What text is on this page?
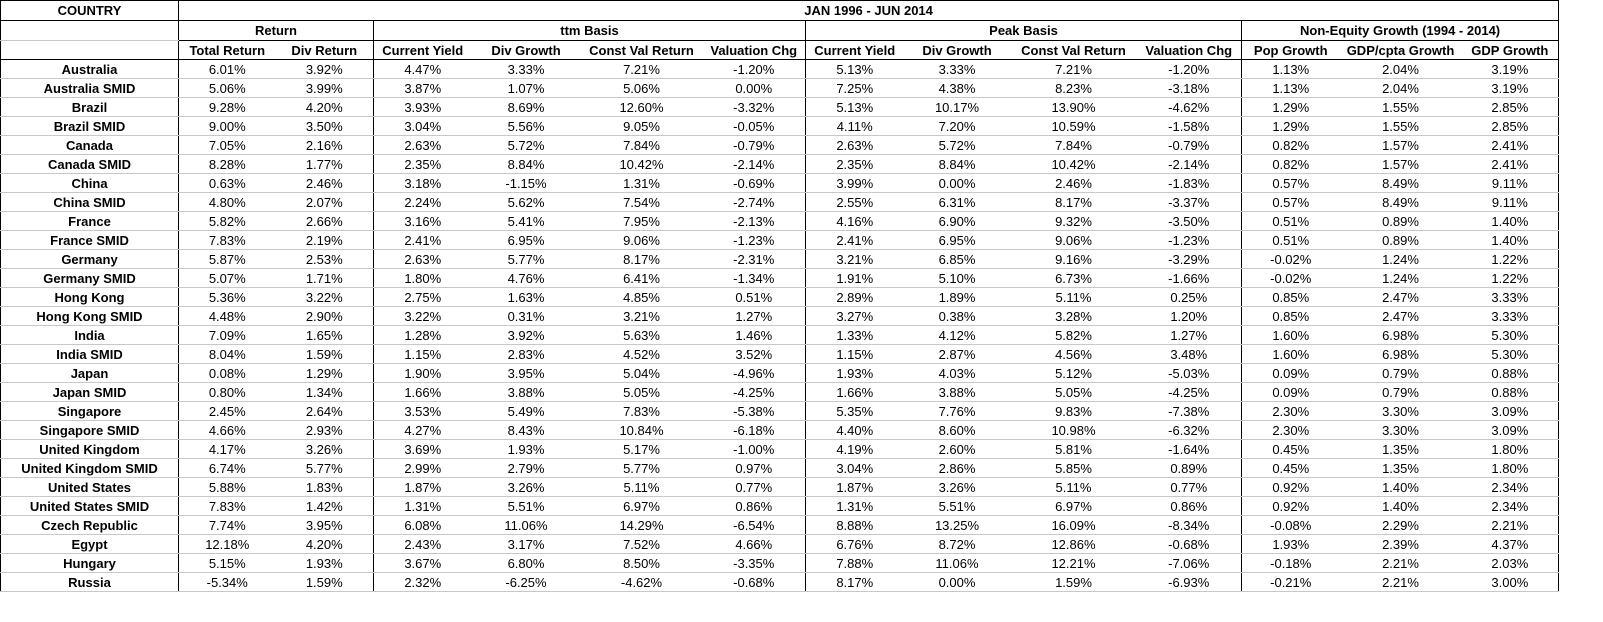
COUNTRY	JAN 1996 - JUN 2014												
	Return		ttm Basis				Peak Basis				Non-Equity Growth (1994 - 2014)		
	Total Return	Div Return	Current Yield	Div Growth	Const Val Return	Valuation Chg	Current Yield	Div Growth	Const Val Return	Valuation Chg	Pop Growth	GDP/cpta Growth	GDP Growth
Australia	6.01%	3.92%	4.47%	3.33%	7.21%	-1.20%	5.13%	3.33%	7.21%	-1.20%	1.13%	2.04%	3.19%
Australia SMID	5.06%	3.99%	3.87%	1.07%	5.06%	0.00%	7.25%	4.38%	8.23%	-3.18%	1.13%	2.04%	3.19%
Brazil	9.28%	4.20%	3.93%	8.69%	12.60%	-3.32%	5.13%	10.17%	13.90%	-4.62%	1.29%	1.55%	2.85%
Brazil SMID	9.00%	3.50%	3.04%	5.56%	9.05%	-0.05%	4.11%	7.20%	10.59%	-1.58%	1.29%	1.55%	2.85%
Canada	7.05%	2.16%	2.63%	5.72%	7.84%	-0.79%	2.63%	5.72%	7.84%	-0.79%	0.82%	1.57%	2.41%
Canada SMID	8.28%	1.77%	2.35%	8.84%	10.42%	-2.14%	2.35%	8.84%	10.42%	-2.14%	0.82%	1.57%	2.41%
China	0.63%	2.46%	3.18%	-1.15%	1.31%	-0.69%	3.99%	0.00%	2.46%	-1.83%	0.57%	8.49%	9.11%
China SMID	4.80%	2.07%	2.24%	5.62%	7.54%	-2.74%	2.55%	6.31%	8.17%	-3.37%	0.57%	8.49%	9.11%
France	5.82%	2.66%	3.16%	5.41%	7.95%	-2.13%	4.16%	6.90%	9.32%	-3.50%	0.51%	0.89%	1.40%
France SMID	7.83%	2.19%	2.41%	6.95%	9.06%	-1.23%	2.41%	6.95%	9.06%	-1.23%	0.51%	0.89%	1.40%
Germany	5.87%	2.53%	2.63%	5.77%	8.17%	-2.31%	3.21%	6.85%	9.16%	-3.29%	-0.02%	1.24%	1.22%
Germany SMID	5.07%	1.71%	1.80%	4.76%	6.41%	-1.34%	1.91%	5.10%	6.73%	-1.66%	-0.02%	1.24%	1.22%
Hong Kong	5.36%	3.22%	2.75%	1.63%	4.85%	0.51%	2.89%	1.89%	5.11%	0.25%	0.85%	2.47%	3.33%
Hong Kong SMID	4.48%	2.90%	3.22%	0.31%	3.21%	1.27%	3.27%	0.38%	3.28%	1.20%	0.85%	2.47%	3.33%
India	7.09%	1.65%	1.28%	3.92%	5.63%	1.46%	1.33%	4.12%	5.82%	1.27%	1.60%	6.98%	5.30%
India SMID	8.04%	1.59%	1.15%	2.83%	4.52%	3.52%	1.15%	2.87%	4.56%	3.48%	1.60%	6.98%	5.30%
Japan	0.08%	1.29%	1.90%	3.95%	5.04%	-4.96%	1.93%	4.03%	5.12%	-5.03%	0.09%	0.79%	0.88%
Japan SMID	0.80%	1.34%	1.66%	3.88%	5.05%	-4.25%	1.66%	3.88%	5.05%	-4.25%	0.09%	0.79%	0.88%
Singapore	2.45%	2.64%	3.53%	5.49%	7.83%	-5.38%	5.35%	7.76%	9.83%	-7.38%	2.30%	3.30%	3.09%
Singapore SMID	4.66%	2.93%	4.27%	8.43%	10.84%	-6.18%	4.40%	8.60%	10.98%	-6.32%	2.30%	3.30%	3.09%
United Kingdom	4.17%	3.26%	3.69%	1.93%	5.17%	-1.00%	4.19%	2.60%	5.81%	-1.64%	0.45%	1.35%	1.80%
United Kingdom SMID	6.74%	5.77%	2.99%	2.79%	5.77%	0.97%	3.04%	2.86%	5.85%	0.89%	0.45%	1.35%	1.80%
United States	5.88%	1.83%	1.87%	3.26%	5.11%	0.77%	1.87%	3.26%	5.11%	0.77%	0.92%	1.40%	2.34%
United States SMID	7.83%	1.42%	1.31%	5.51%	6.97%	0.86%	1.31%	5.51%	6.97%	0.86%	0.92%	1.40%	2.34%
Czech Republic	7.74%	3.95%	6.08%	11.06%	14.29%	-6.54%	8.88%	13.25%	16.09%	-8.34%	-0.08%	2.29%	2.21%
Egypt	12.18%	4.20%	2.43%	3.17%	7.52%	4.66%	6.76%	8.72%	12.86%	-0.68%	1.93%	2.39%	4.37%
Hungary	5.15%	1.93%	3.67%	6.80%	8.50%	-3.35%	7.88%	11.06%	12.21%	-7.06%	-0.18%	2.21%	2.03%
Russia	-5.34%	1.59%	2.32%	-6.25%	-4.62%	-0.68%	8.17%	0.00%	1.59%	-6.93%	-0.21%	2.21%	3.00%
